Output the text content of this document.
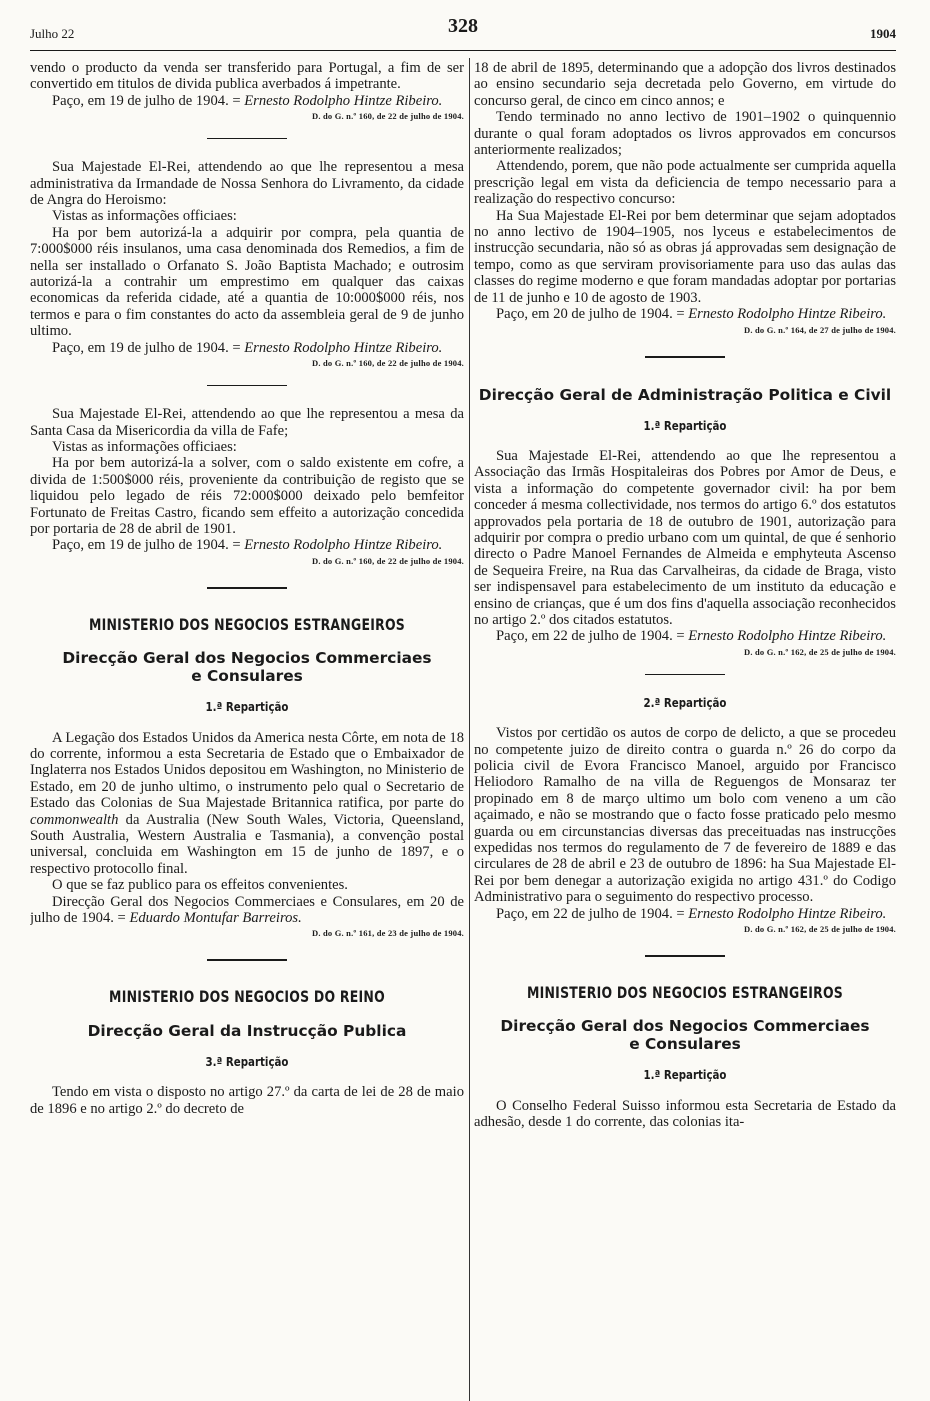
Julho 22	328	1904

vendo o producto da venda ser transferido para Portugal, a fim de ser convertido em titulos de divida publica averbados á impetrante.

Paço, em 19 de julho de 1904. = Ernesto Rodolpho Hintze Ribeiro.

D. do G. n.º 160, de 22 de julho de 1904.

Sua Majestade El-Rei, attendendo ao que lhe representou a mesa administrativa da Irmandade de Nossa Senhora do Livramento, da cidade de Angra do Heroismo:

Vistas as informações officiaes:

Ha por bem autorizá-la a adquirir por compra, pela quantia de 7:000$000 réis insulanos, uma casa denominada dos Remedios, a fim de nella ser installado o Orfanato S. João Baptista Machado; e outrosim autorizá-la a contrahir um emprestimo em qualquer das caixas economicas da referida cidade, até a quantia de 10:000$000 réis, nos termos e para o fim constantes do acto da assembleia geral de 9 de junho ultimo.

Paço, em 19 de julho de 1904. = Ernesto Rodolpho Hintze Ribeiro.

D. do G. n.º 160, de 22 de julho de 1904.

Sua Majestade El-Rei, attendendo ao que lhe representou a mesa da Santa Casa da Misericordia da villa de Fafe;

Vistas as informações officiaes:

Ha por bem autorizá-la a solver, com o saldo existente em cofre, a divida de 1:500$000 réis, proveniente da contribuição de registo que se liquidou pelo legado de réis 72:000$000 deixado pelo bemfeitor Fortunato de Freitas Castro, ficando sem effeito a autorização concedida por portaria de 28 de abril de 1901.

Paço, em 19 de julho de 1904. = Ernesto Rodolpho Hintze Ribeiro.

D. do G. n.º 160, de 22 de julho de 1904.
MINISTERIO DOS NEGOCIOS ESTRANGEIROS
Direcção Geral dos Negocios Commerciaes
e Consulares
1.ª Repartição

A Legação dos Estados Unidos da America nesta Côrte, em nota de 18 do corrente, informou a esta Secretaria de Estado que o Embaixador de Inglaterra nos Estados Unidos depositou em Washington, no Ministerio de Estado, em 20 de junho ultimo, o instrumento pelo qual o Secretario de Estado das Colonias de Sua Majestade Britannica ratifica, por parte do commonwealth da Australia (New South Wales, Victoria, Queensland, South Australia, Western Australia e Tasmania), a convenção postal universal, concluida em Washington em 15 de junho de 1897, e o respectivo protocollo final.

O que se faz publico para os effeitos convenientes.

Direcção Geral dos Negocios Commerciaes e Consulares, em 20 de julho de 1904. = Eduardo Montufar Barreiros.

D. do G. n.º 161, de 23 de julho de 1904.
MINISTERIO DOS NEGOCIOS DO REINO
Direcção Geral da Instrucção Publica
3.ª Repartição

Tendo em vista o disposto no artigo 27.º da carta de lei de 28 de maio de 1896 e no artigo 2.º do decreto de

18 de abril de 1895, determinando que a adopção dos livros destinados ao ensino secundario seja decretada pelo Governo, em virtude do concurso geral, de cinco em cinco annos; e

Tendo terminado no anno lectivo de 1901–1902 o quinquennio durante o qual foram adoptados os livros approvados em concursos anteriormente realizados;

Attendendo, porem, que não pode actualmente ser cumprida aquella prescrição legal em vista da deficiencia de tempo necessario para a realização do respectivo concurso:

Ha Sua Majestade El-Rei por bem determinar que sejam adoptados no anno lectivo de 1904–1905, nos lyceus e estabelecimentos de instrucção secundaria, não só as obras já approvadas sem designação de tempo, como as que serviram provisoriamente para uso das aulas das classes do regime moderno e que foram mandadas adoptar por portarias de 11 de junho e 10 de agosto de 1903.

Paço, em 20 de julho de 1904. = Ernesto Rodolpho Hintze Ribeiro.

D. do G. n.º 164, de 27 de julho de 1904.
Direcção Geral de Administração Politica e Civil
1.ª Repartição

Sua Majestade El-Rei, attendendo ao que lhe representou a Associação das Irmãs Hospitaleiras dos Pobres por Amor de Deus, e vista a informação do competente governador civil: ha por bem conceder á mesma collectividade, nos termos do artigo 6.º dos estatutos approvados pela portaria de 18 de outubro de 1901, autorização para adquirir por compra o predio urbano com um quintal, de que é senhorio directo o Padre Manoel Fernandes de Almeida e emphyteuta Ascenso de Sequeira Freire, na Rua das Carvalheiras, da cidade de Braga, visto ser indispensavel para estabelecimento de um instituto da educação e ensino de crianças, que é um dos fins d'aquella associação reconhecidos no artigo 2.º dos citados estatutos.

Paço, em 22 de julho de 1904. = Ernesto Rodolpho Hintze Ribeiro.

D. do G. n.º 162, de 25 de julho de 1904.
2.ª Repartição

Vistos por certidão os autos de corpo de delicto, a que se procedeu no competente juizo de direito contra o guarda n.º 26 do corpo da policia civil de Evora Francisco Manoel, arguido por Francisco Heliodoro Ramalho de na villa de Reguengos de Monsaraz ter propinado em 8 de março ultimo um bolo com veneno a um cão açaimado, e não se mostrando que o facto fosse praticado pelo mesmo guarda ou em circunstancias diversas das preceituadas nas instrucções expedidas nos termos do regulamento de 7 de fevereiro de 1889 e das circulares de 28 de abril e 23 de outubro de 1896: ha Sua Majestade El-Rei por bem denegar a autorização exigida no artigo 431.º do Codigo Administrativo para o seguimento do respectivo processo.

Paço, em 22 de julho de 1904. = Ernesto Rodolpho Hintze Ribeiro.

D. do G. n.º 162, de 25 de julho de 1904.
MINISTERIO DOS NEGOCIOS ESTRANGEIROS
Direcção Geral dos Negocios Commerciaes
e Consulares
1.ª Repartição

O Conselho Federal Suisso informou esta Secretaria de Estado da adhesão, desde 1 do corrente, das colonias ita-
